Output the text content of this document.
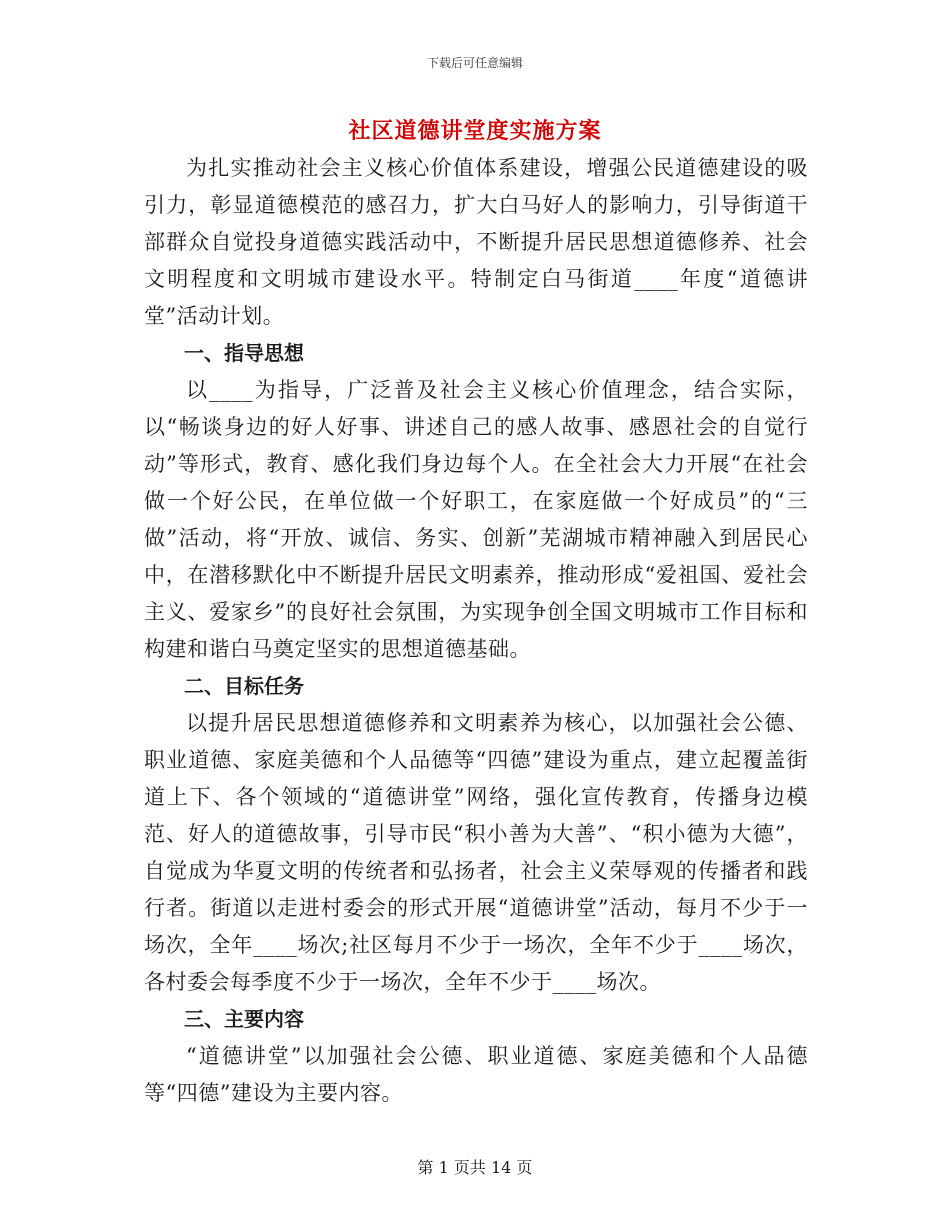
下载后可任意编辑
社区道德讲堂度实施方案

为扎实推动社会主义核心价值体系建设，增强公民道德建设的吸引力，彰显道德模范的感召力，扩大白马好人的影响力，引导街道干部群众自觉投身道德实践活动中，不断提升居民思想道德修养、社会文明程度和文明城市建设水平。特制定白马街道____年度“道德讲堂”活动计划。

一、指导思想

以____为指导，广泛普及社会主义核心价值理念，结合实际，以“畅谈身边的好人好事、讲述自己的感人故事、感恩社会的自觉行动”等形式，教育、感化我们身边每个人。在全社会大力开展“在社会做一个好公民，在单位做一个好职工，在家庭做一个好成员”的“三做”活动，将“开放、诚信、务实、创新”芜湖城市精神融入到居民心中，在潜移默化中不断提升居民文明素养，推动形成“爱祖国、爱社会主义、爱家乡”的良好社会氛围，为实现争创全国文明城市工作目标和构建和谐白马奠定坚实的思想道德基础。

二、目标任务

以提升居民思想道德修养和文明素养为核心，以加强社会公德、职业道德、家庭美德和个人品德等“四德”建设为重点，建立起覆盖街道上下、各个领域的“道德讲堂”网络，强化宣传教育，传播身边模范、好人的道德故事，引导市民“积小善为大善”、“积小德为大德”，自觉成为华夏文明的传统者和弘扬者，社会主义荣辱观的传播者和践行者。街道以走进村委会的形式开展“道德讲堂”活动，每月不少于一场次，全年____场次;社区每月不少于一场次，全年不少于____场次，各村委会每季度不少于一场次，全年不少于____场次。

三、主要内容

“道德讲堂”以加强社会公德、职业道德、家庭美德和个人品德等“四德”建设为主要内容。

第 1 页共 14 页
